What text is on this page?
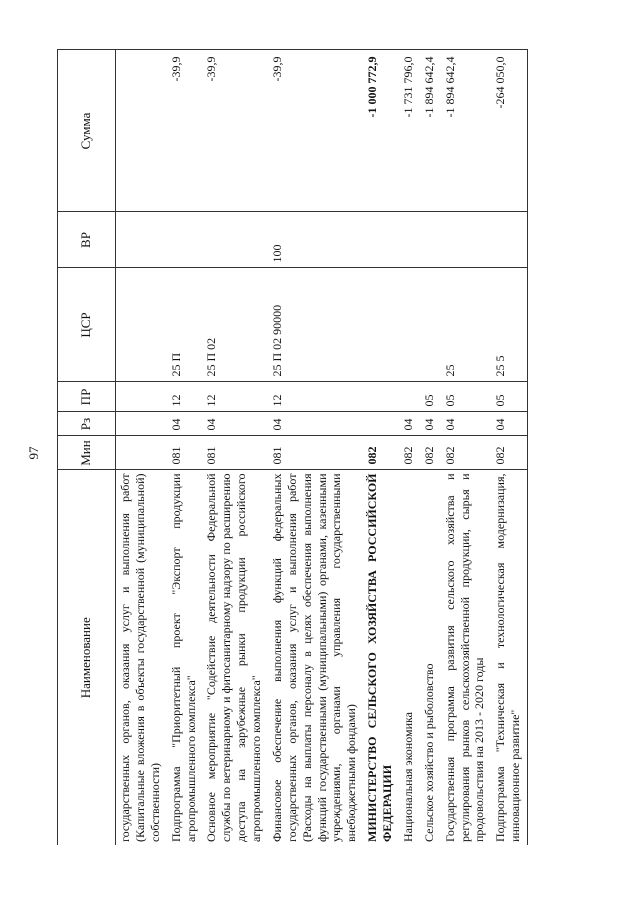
97
Наименование	Мин	Рз	ПР	ЦСР	ВР	Сумма
государственных органов, оказания услуг и выполнения работ (Капитальные вложения в объекты государственной (муниципальной) собственности)						
Подпрограмма "Приоритетный проект "Экспорт продукции агропромышленного комплекса"	081	04	12	25 П		-39,9
Основное мероприятие "Содействие деятельности Федеральной службы по ветеринарному и фитосанитарному надзору по расширению доступа на зарубежные рынки продукции российского агропромышленного комплекса"	081	04	12	25 П 02		-39,9
Финансовое обеспечение выполнения функций федеральных государственных органов, оказания услуг и выполнения работ (Расходы на выплаты персоналу в целях обеспечения выполнения функций государственными (муниципальными) органами, казенными учреждениями, органами управления государственными внебюджетными фондами)	081	04	12	25 П 02 90000	100	-39,9
МИНИСТЕРСТВО СЕЛЬСКОГО ХОЗЯЙСТВА РОССИЙСКОЙ ФЕДЕРАЦИИ	082					-1 000 772,9
Национальная экономика	082	04				-1 731 796,0
Сельское хозяйство и рыболовство	082	04	05			-1 894 642,4
Государственная программа развития сельского хозяйства и регулирования рынков сельскохозяйственной продукции, сырья и продовольствия на 2013 - 2020 годы	082	04	05	25		-1 894 642,4
Подпрограмма "Техническая и технологическая модернизация, инновационное развитие"	082	04	05	25 5		-264 050,0
